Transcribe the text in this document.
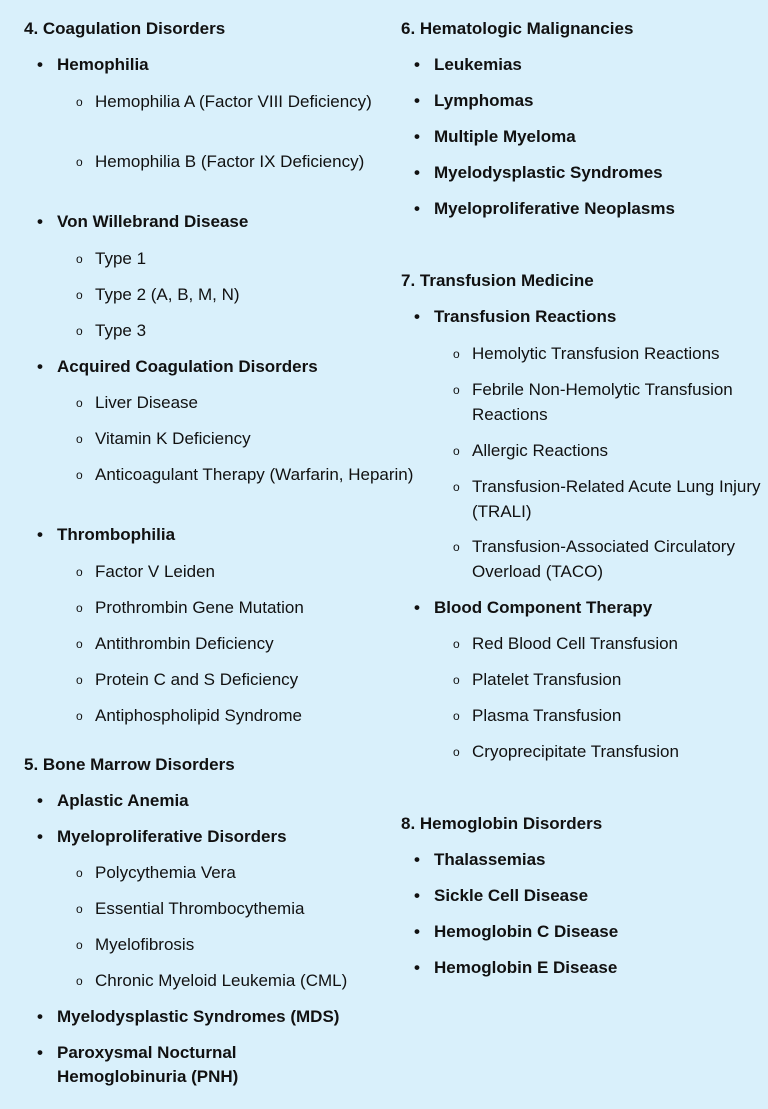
4. Coagulation Disorders
• Hemophilia
o Hemophilia A (Factor VIII Deficiency)
o Hemophilia B (Factor IX Deficiency)
• Von Willebrand Disease
o Type 1
o Type 2 (A, B, M, N)
o Type 3
• Acquired Coagulation Disorders
o Liver Disease
o Vitamin K Deficiency
o Anticoagulant Therapy (Warfarin, Heparin)
• Thrombophilia
o Factor V Leiden
o Prothrombin Gene Mutation
o Antithrombin Deficiency
o Protein C and S Deficiency
o Antiphospholipid Syndrome
5. Bone Marrow Disorders
• Aplastic Anemia
• Myeloproliferative Disorders
o Polycythemia Vera
o Essential Thrombocythemia
o Myelofibrosis
o Chronic Myeloid Leukemia (CML)
• Myelodysplastic Syndromes (MDS)
• Paroxysmal Nocturnal Hemoglobinuria (PNH)
6. Hematologic Malignancies
• Leukemias
• Lymphomas
• Multiple Myeloma
• Myelodysplastic Syndromes
• Myeloproliferative Neoplasms
7. Transfusion Medicine
• Transfusion Reactions
o Hemolytic Transfusion Reactions
o Febrile Non-Hemolytic Transfusion Reactions
o Allergic Reactions
o Transfusion-Related Acute Lung Injury (TRALI)
o Transfusion-Associated Circulatory Overload (TACO)
• Blood Component Therapy
o Red Blood Cell Transfusion
o Platelet Transfusion
o Plasma Transfusion
o Cryoprecipitate Transfusion
8. Hemoglobin Disorders
• Thalassemias
• Sickle Cell Disease
• Hemoglobin C Disease
• Hemoglobin E Disease
